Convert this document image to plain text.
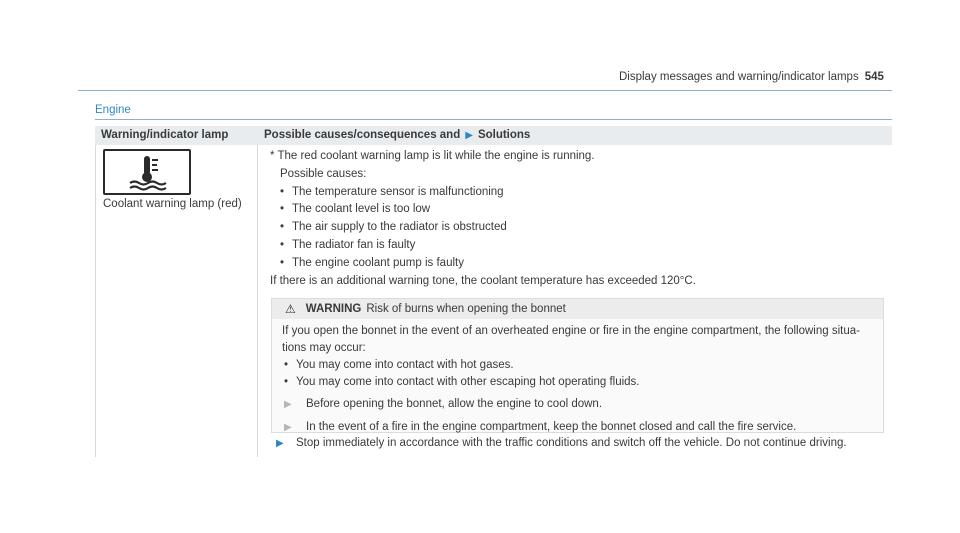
Display messages and warning/indicator lamps 545
Engine
Warning/indicator lamp	Possible causes/consequences and ▶ Solutions
Coolant warning lamp (red)

* The red coolant warning lamp is lit while the engine is running.

Possible causes:

• The temperature sensor is malfunctioning
• The coolant level is too low
• The air supply to the radiator is obstructed
• The radiator fan is faulty
• The engine coolant pump is faulty

If there is an additional warning tone, the coolant temperature has exceeded 120°C.

⚠ WARNING Risk of burns when opening the bonnet

If you open the bonnet in the event of an overheated engine or fire in the engine compartment, the following situa-tions may occur:

• You may come into contact with hot gases.
• You may come into contact with other escaping hot operating fluids.
▶	Before opening the bonnet, allow the engine to cool down.
▶	In the event of a fire in the engine compartment, keep the bonnet closed and call the fire service.
▶	Stop immediately in accordance with the traffic conditions and switch off the vehicle. Do not continue driving.
